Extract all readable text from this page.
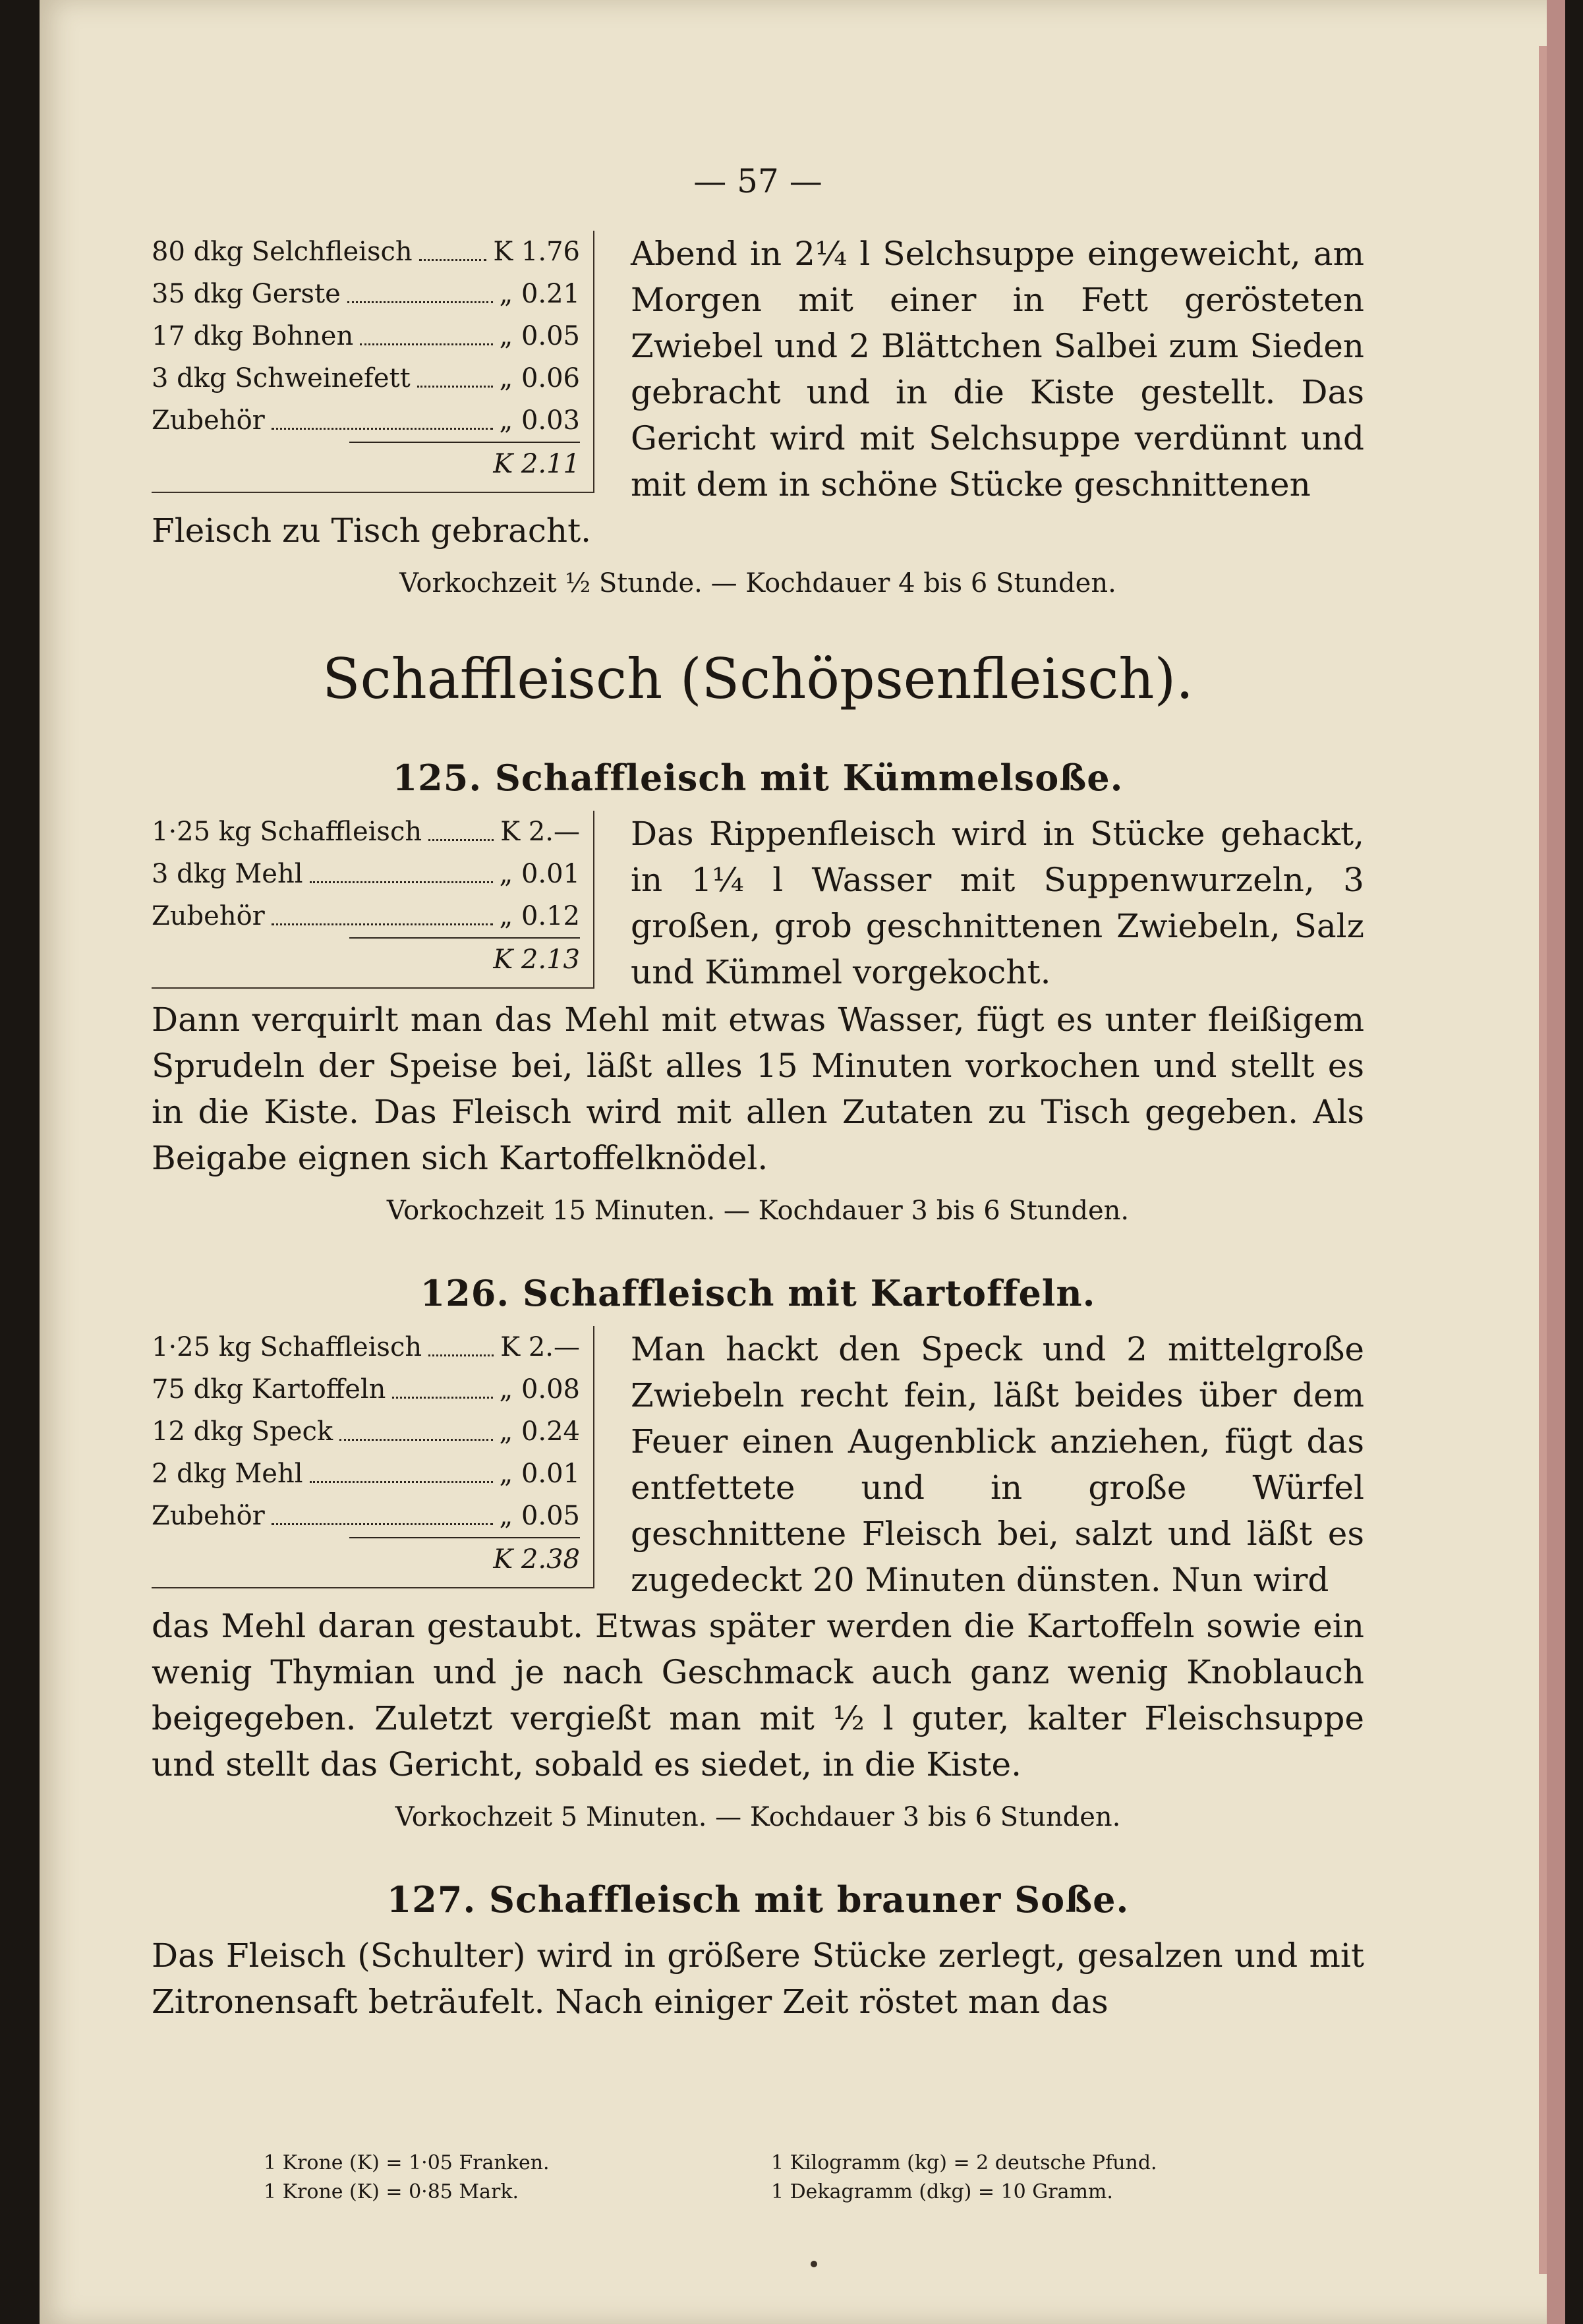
— 57 —
80 dkg Selchfleisch	K 1.76
35 dkg Gerste	„ 0.21
17 dkg Bohnen	„ 0.05
3 dkg Schweinefett	„ 0.06
Zubehör	„ 0.03
K 2.11
Abend in 2¼ l Selchsuppe eingeweicht, am Morgen mit einer in Fett gerösteten Zwiebel und 2 Blättchen Salbei zum Sieden gebracht und in die Kiste gestellt. Das Gericht wird mit Selchsuppe verdünnt und mit dem in schöne Stücke geschnittenen
Fleisch zu Tisch gebracht.
Vorkochzeit ½ Stunde. — Kochdauer 4 bis 6 Stunden.
Schaffleisch (Schöpsenfleisch).
125. Schaffleisch mit Kümmelsoße.
1·25 kg Schaffleisch	K 2.—
3 dkg Mehl	„ 0.01
Zubehör	„ 0.12
K 2.13
Das Rippenfleisch wird in Stücke gehackt, in 1¼ l Wasser mit Suppenwurzeln, 3 großen, grob geschnittenen Zwiebeln, Salz und Kümmel vorgekocht.
Dann verquirlt man das Mehl mit etwas Wasser, fügt es unter fleißigem Sprudeln der Speise bei, läßt alles 15 Minuten vorkochen und stellt es in die Kiste. Das Fleisch wird mit allen Zutaten zu Tisch gegeben. Als Beigabe eignen sich Kartoffelknödel.
Vorkochzeit 15 Minuten. — Kochdauer 3 bis 6 Stunden.
126. Schaffleisch mit Kartoffeln.
1·25 kg Schaffleisch	K 2.—
75 dkg Kartoffeln	„ 0.08
12 dkg Speck	„ 0.24
2 dkg Mehl	„ 0.01
Zubehör	„ 0.05
K 2.38
Man hackt den Speck und 2 mittelgroße Zwiebeln recht fein, läßt beides über dem Feuer einen Augenblick anziehen, fügt das entfettete und in große Würfel geschnittene Fleisch bei, salzt und läßt es zugedeckt 20 Minuten dünsten. Nun wird
das Mehl daran gestaubt. Etwas später werden die Kartoffeln sowie ein wenig Thymian und je nach Geschmack auch ganz wenig Knoblauch beigegeben. Zuletzt vergießt man mit ½ l guter, kalter Fleischsuppe und stellt das Gericht, sobald es siedet, in die Kiste.
Vorkochzeit 5 Minuten. — Kochdauer 3 bis 6 Stunden.
127. Schaffleisch mit brauner Soße.
Das Fleisch (Schulter) wird in größere Stücke zerlegt, gesalzen und mit Zitronensaft beträufelt. Nach einiger Zeit röstet man das
1 Krone (K) = 1·05 Franken.	1 Kilogramm (kg) = 2 deutsche Pfund.
1 Krone (K) = 0·85 Mark.	1 Dekagramm (dkg) = 10 Gramm.
